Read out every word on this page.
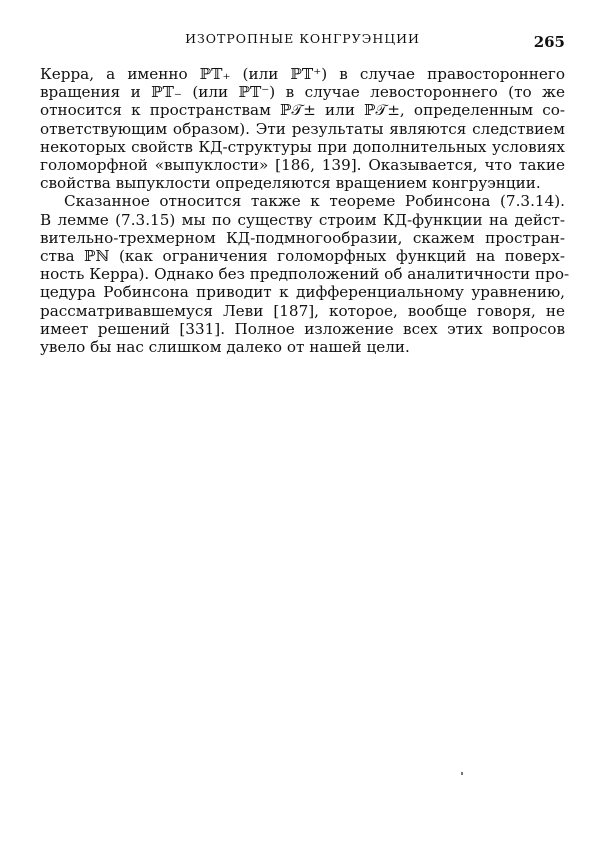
ИЗОТРОПНЫЕ КОНГРУЭНЦИИ	265
Керра, а именно ℙ𝕋₊ (или ℙ𝕋⁺) в случае правостороннего
вращения и ℙ𝕋₋ (или ℙ𝕋⁻) в случае левостороннего (то же
относится к пространствам ℙ𝒯± или ℙ𝒯±, определенным со-
ответствующим образом). Эти результаты являются следствием
некоторых свойств КД-структуры при дополнительных условиях
голоморфной «выпуклости» [186, 139]. Оказывается, что такие
свойства выпуклости определяются вращением конгруэнции.
Сказанное относится также к теореме Робинсона (7.3.14).
В лемме (7.3.15) мы по существу строим КД-функции на дейст-
вительно-трехмерном КД-подмногообразии, скажем простран-
ства ℙℕ (как ограничения голоморфных функций на поверх-
ность Керра). Однако без предположений об аналитичности про-
цедура Робинсона приводит к дифференциальному уравнению,
рассматривавшемуся Леви [187], которое, вообще говоря, не
имеет решений [331]. Полное изложение всех этих вопросов
увело бы нас слишком далеко от нашей цели.
